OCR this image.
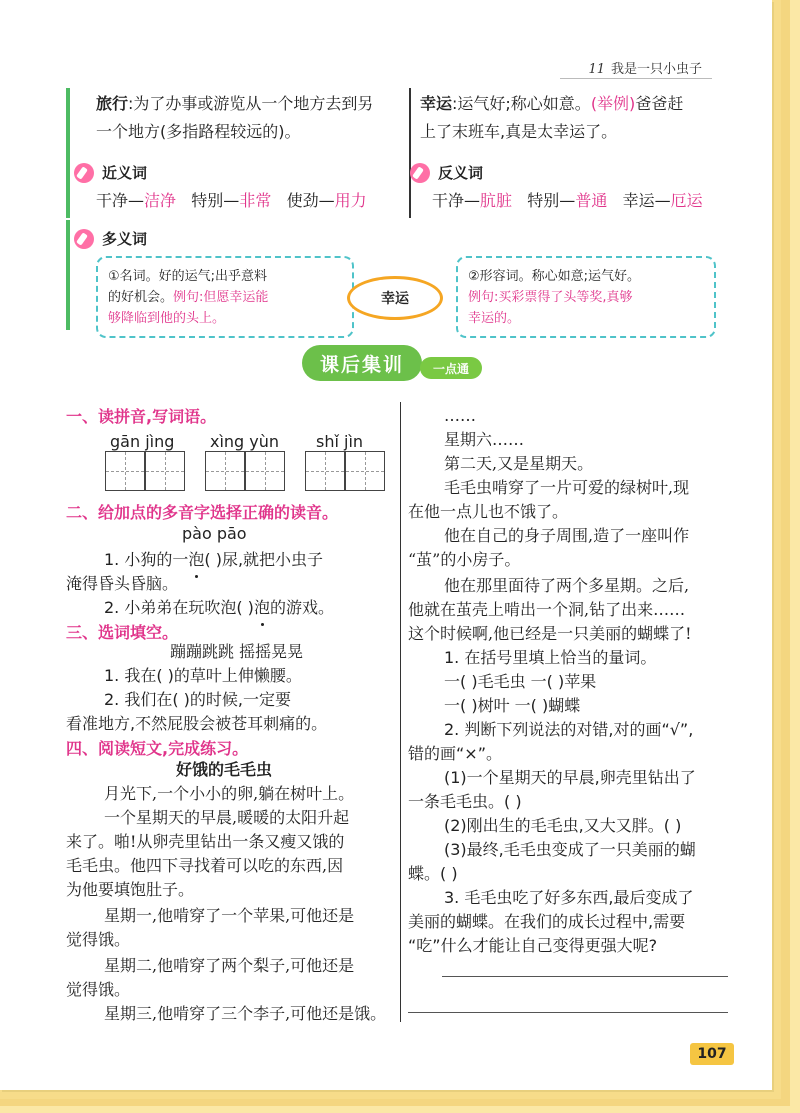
11 我是一只小虫子
旅行:为了办事或游览从一个地方去到另
一个地方(多指路程较远的)。
幸运:运气好;称心如意。(举例)爸爸赶
上了末班车,真是太幸运了。
近义词
干净—洁净 特别—非常 使劲—用力
反义词
干净—肮脏 特别—普通 幸运—厄运
多义词
①名词。好的运气;出乎意料
的好机会。例句:但愿幸运能
够降临到他的头上。
幸运
②形容词。称心如意;运气好。
例句:买彩票得了头等奖,真够
幸运的。
课后集训	一点通
一、读拼音,写词语。
gān jìng xìng yùn shǐ jìn
二、给加点的多音字选择正确的读音。
pào pāo
1. 小狗的一泡( )尿,就把小虫子
淹得昏头昏脑。
2. 小弟弟在玩吹泡( )泡的游戏。
三、选词填空。
蹦蹦跳跳 摇摇晃晃
1. 我在( )的草叶上伸懒腰。
2. 我们在( )的时候,一定要
看准地方,不然屁股会被苍耳刺痛的。
四、阅读短文,完成练习。
好饿的毛毛虫
月光下,一个小小的卵,躺在树叶上。
一个星期天的早晨,暖暖的太阳升起
来了。啪!从卵壳里钻出一条又瘦又饿的
毛毛虫。他四下寻找着可以吃的东西,因
为他要填饱肚子。
星期一,他啃穿了一个苹果,可他还是
觉得饿。
星期二,他啃穿了两个梨子,可他还是
觉得饿。
星期三,他啃穿了三个李子,可他还是饿。
……
星期六……
第二天,又是星期天。
毛毛虫啃穿了一片可爱的绿树叶,现
在他一点儿也不饿了。
他在自己的身子周围,造了一座叫作
“茧”的小房子。
他在那里面待了两个多星期。之后,
他就在茧壳上啃出一个洞,钻了出来……
这个时候啊,他已经是一只美丽的蝴蝶了!
1. 在括号里填上恰当的量词。
一( )毛毛虫 一( )苹果
一( )树叶 一( )蝴蝶
2. 判断下列说法的对错,对的画“√”,
错的画“×”。
(1)一个星期天的早晨,卵壳里钻出了
一条毛毛虫。( )
(2)刚出生的毛毛虫,又大又胖。( )
(3)最终,毛毛虫变成了一只美丽的蝴
蝶。( )
3. 毛毛虫吃了好多东西,最后变成了
美丽的蝴蝶。在我们的成长过程中,需要
“吃”什么才能让自己变得更强大呢?
107
